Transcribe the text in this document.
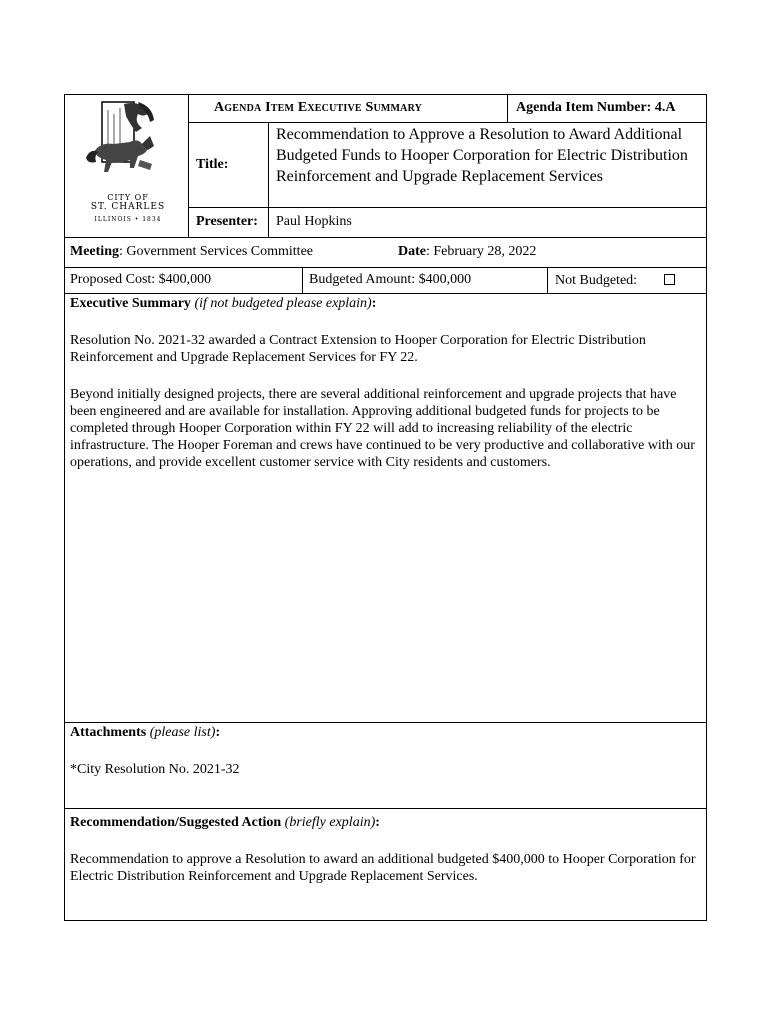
CITY OF
ST. CHARLES
ILLINOIS • 1834
Agenda Item Executive Summary	Agenda Item Number: 4.A
Title:
Recommendation to Approve a Resolution to Award Additional Budgeted Funds to Hooper Corporation for Electric Distribution Reinforcement and Upgrade Replacement Services
Presenter: Paul Hopkins
Meeting: Government Services Committee	Date: February 28, 2022
Proposed Cost: $400,000	Budgeted Amount: $400,000	Not Budgeted:
Executive Summary (if not budgeted please explain):
Resolution No. 2021-32 awarded a Contract Extension to Hooper Corporation for Electric Distribution Reinforcement and Upgrade Replacement Services for FY 22.
Beyond initially designed projects, there are several additional reinforcement and upgrade projects that have been engineered and are available for installation. Approving additional budgeted funds for projects to be completed through Hooper Corporation within FY 22 will add to increasing reliability of the electric infrastructure. The Hooper Foreman and crews have continued to be very productive and collaborative with our operations, and provide excellent customer service with City residents and customers.
Attachments (please list):
*City Resolution No. 2021-32
Recommendation/Suggested Action (briefly explain):
Recommendation to approve a Resolution to award an additional budgeted $400,000 to Hooper Corporation for Electric Distribution Reinforcement and Upgrade Replacement Services.
